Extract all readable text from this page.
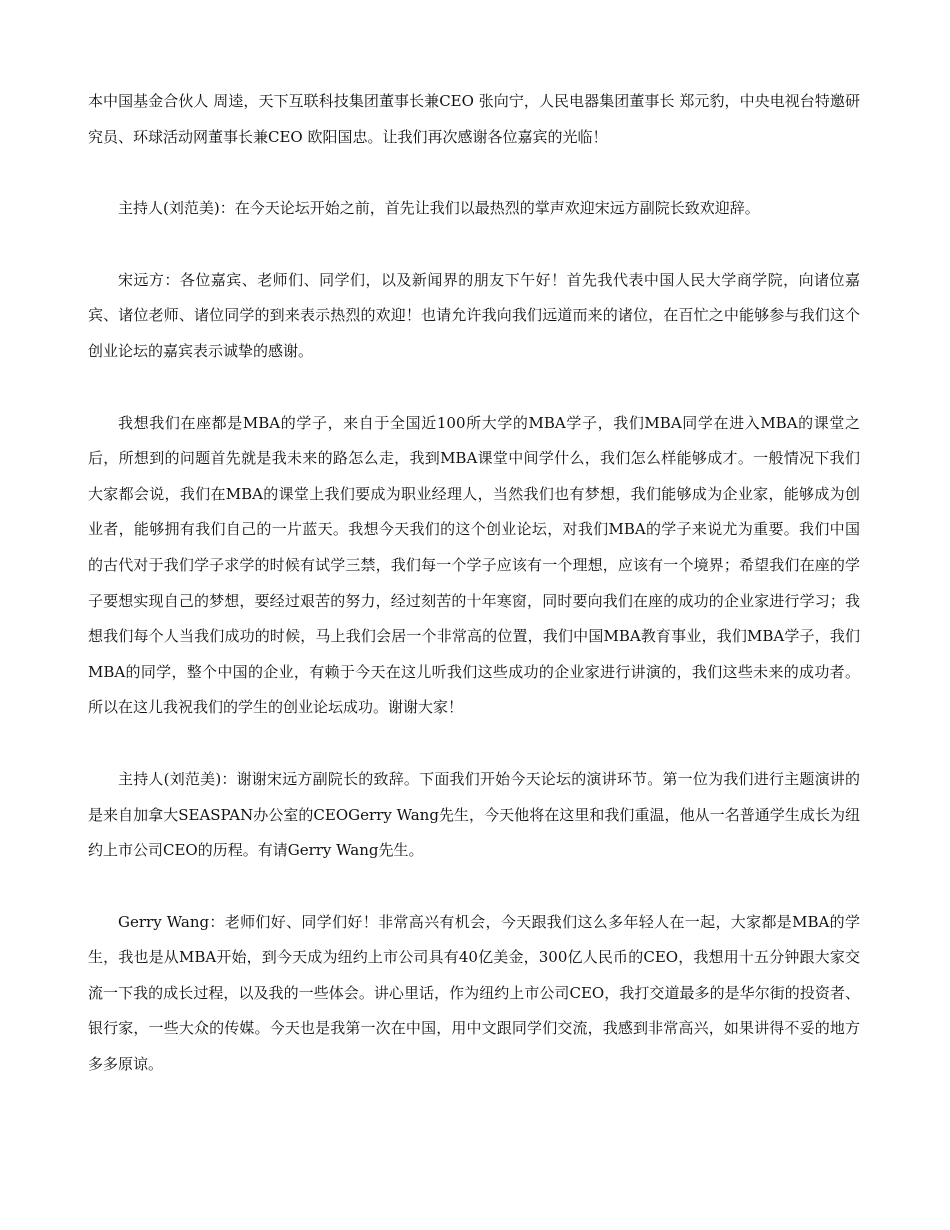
本中国基金合伙人 周逵，天下互联科技集团董事长兼CEO 张向宁，人民电器集团董事长 郑元豹，中央电视台特邀研究员、环球活动网董事长兼CEO 欧阳国忠。让我们再次感谢各位嘉宾的光临！

主持人(刘范美)：在今天论坛开始之前，首先让我们以最热烈的掌声欢迎宋远方副院长致欢迎辞。

宋远方：各位嘉宾、老师们、同学们，以及新闻界的朋友下午好！首先我代表中国人民大学商学院，向诸位嘉宾、诸位老师、诸位同学的到来表示热烈的欢迎！也请允许我向我们远道而来的诸位，在百忙之中能够参与我们这个创业论坛的嘉宾表示诚挚的感谢。

我想我们在座都是MBA的学子，来自于全国近100所大学的MBA学子，我们MBA同学在进入MBA的课堂之后，所想到的问题首先就是我未来的路怎么走，我到MBA课堂中间学什么，我们怎么样能够成才。一般情况下我们大家都会说，我们在MBA的课堂上我们要成为职业经理人，当然我们也有梦想，我们能够成为企业家，能够成为创业者，能够拥有我们自己的一片蓝天。我想今天我们的这个创业论坛，对我们MBA的学子来说尤为重要。我们中国的古代对于我们学子求学的时候有试学三禁，我们每一个学子应该有一个理想，应该有一个境界；希望我们在座的学子要想实现自己的梦想，要经过艰苦的努力，经过刻苦的十年寒窗，同时要向我们在座的成功的企业家进行学习；我想我们每个人当我们成功的时候，马上我们会居一个非常高的位置，我们中国MBA教育事业，我们MBA学子，我们MBA的同学，整个中国的企业，有赖于今天在这儿听我们这些成功的企业家进行讲演的，我们这些未来的成功者。所以在这儿我祝我们的学生的创业论坛成功。谢谢大家！

主持人(刘范美)：谢谢宋远方副院长的致辞。下面我们开始今天论坛的演讲环节。第一位为我们进行主题演讲的是来自加拿大SEASPAN办公室的CEOGerry Wang先生，今天他将在这里和我们重温，他从一名普通学生成长为纽约上市公司CEO的历程。有请Gerry Wang先生。

Gerry Wang：老师们好、同学们好！非常高兴有机会，今天跟我们这么多年轻人在一起，大家都是MBA的学生，我也是从MBA开始，到今天成为纽约上市公司具有40亿美金，300亿人民币的CEO，我想用十五分钟跟大家交流一下我的成长过程，以及我的一些体会。讲心里话，作为纽约上市公司CEO，我打交道最多的是华尔街的投资者、银行家，一些大众的传媒。今天也是我第一次在中国，用中文跟同学们交流，我感到非常高兴，如果讲得不妥的地方多多原谅。
